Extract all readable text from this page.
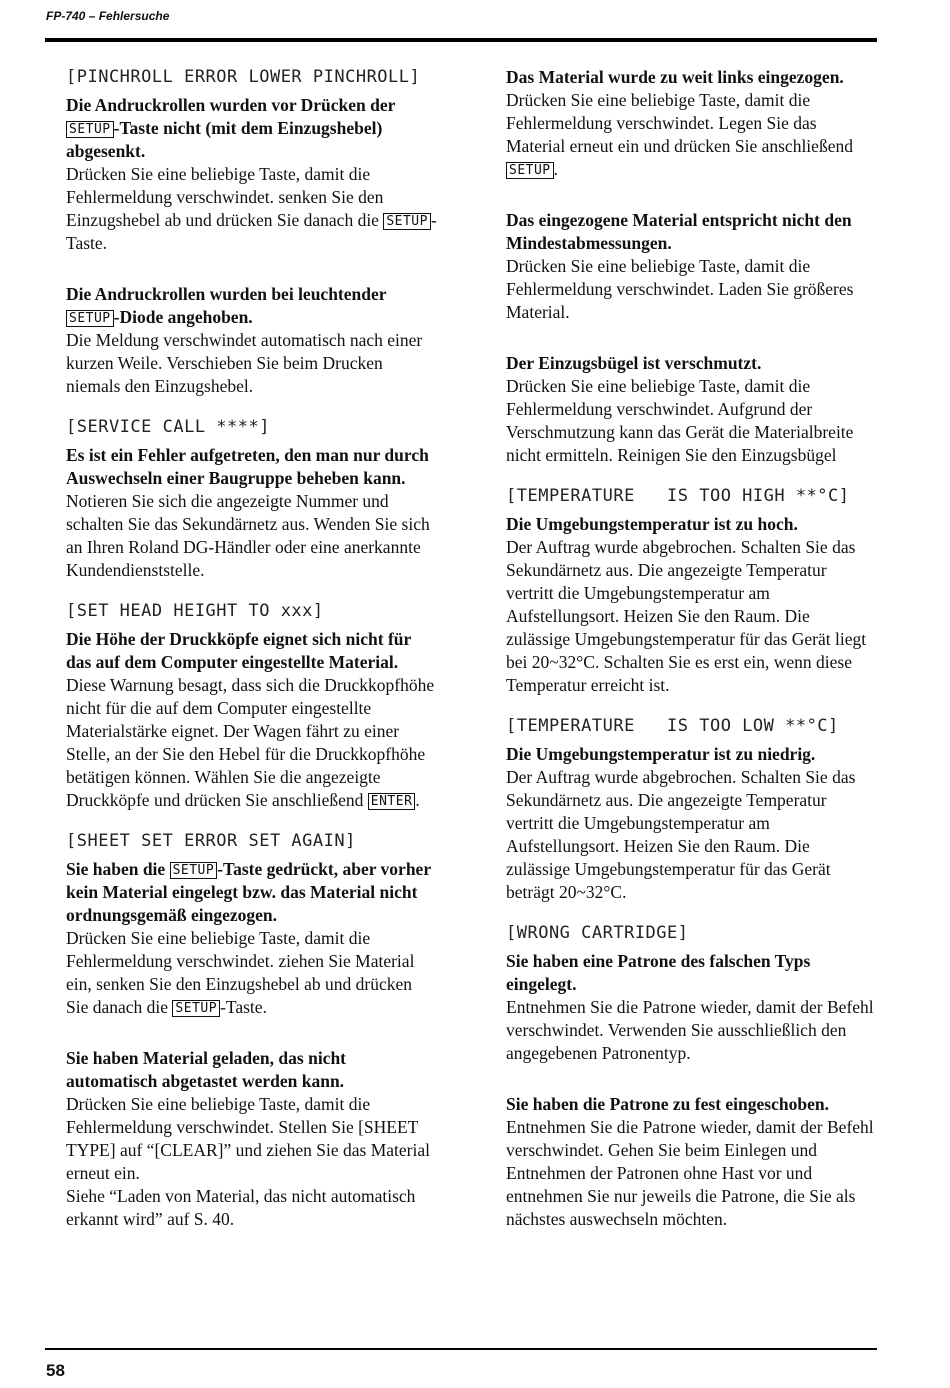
FP-740 – Fehlersuche

[PINCHROLL ERROR LOWER PINCHROLL]

Die Andruckrollen wurden vor Drücken der SETUP -Taste nicht (mit dem Einzugshebel) abgesenkt.

Drücken Sie eine beliebige Taste, damit die Fehlermeldung verschwindet. senken Sie den Einzugshebel ab und drücken Sie danach die SETUP -Taste.

Die Andruckrollen wurden bei leuchtender SETUP -Diode angehoben.

Die Meldung verschwindet automatisch nach einer kurzen Weile. Verschieben Sie beim Drucken niemals den Einzugshebel.

[SERVICE CALL ****]

Es ist ein Fehler aufgetreten, den man nur durch Auswechseln einer Baugruppe beheben kann.

Notieren Sie sich die angezeigte Nummer und schalten Sie das Sekundärnetz aus. Wenden Sie sich an Ihren Roland DG-Händler oder eine anerkannte Kundendienststelle.

[SET HEAD HEIGHT TO xxx]

Die Höhe der Druckköpfe eignet sich nicht für das auf dem Computer eingestellte Material.

Diese Warnung besagt, dass sich die Druckkopfhöhe nicht für die auf dem Computer eingestellte Materialstärke eignet. Der Wagen fährt zu einer Stelle, an der Sie den Hebel für die Druckkopfhöhe betätigen können. Wählen Sie die angezeigte Druckköpfe und drücken Sie anschließend ENTER .

[SHEET SET ERROR SET AGAIN]

Sie haben die SETUP -Taste gedrückt, aber vorher kein Material eingelegt bzw. das Material nicht ordnungsgemäß eingezogen.

Drücken Sie eine beliebige Taste, damit die Fehlermeldung verschwindet. ziehen Sie Material ein, senken Sie den Einzugshebel ab und drücken Sie danach die SETUP -Taste.

Sie haben Material geladen, das nicht automatisch abgetastet werden kann.

Drücken Sie eine beliebige Taste, damit die Fehlermeldung verschwindet. Stellen Sie [SHEET TYPE] auf “[CLEAR]” und ziehen Sie das Material erneut ein.

Siehe “Laden von Material, das nicht automatisch erkannt wird” auf S. 40.

Das Material wurde zu weit links eingezogen.

Drücken Sie eine beliebige Taste, damit die Fehlermeldung verschwindet. Legen Sie das Material erneut ein und drücken Sie anschließend SETUP .

Das eingezogene Material entspricht nicht den Mindestabmessungen.

Drücken Sie eine beliebige Taste, damit die Fehlermeldung verschwindet. Laden Sie größeres Material.

Der Einzugsbügel ist verschmutzt.

Drücken Sie eine beliebige Taste, damit die Fehlermeldung verschwindet. Aufgrund der Verschmutzung kann das Gerät die Materialbreite nicht ermitteln. Reinigen Sie den Einzugsbügel

[TEMPERATURE   IS TOO HIGH **°C]

Die Umgebungstemperatur ist zu hoch.

Der Auftrag wurde abgebrochen. Schalten Sie das Sekundärnetz aus. Die angezeigte Temperatur vertritt die Umgebungstemperatur am Aufstellungsort. Heizen Sie den Raum. Die zulässige Umgebungstemperatur für das Gerät liegt bei 20~32°C. Schalten Sie es erst ein, wenn diese Temperatur erreicht ist.

[TEMPERATURE   IS TOO LOW **°C]

Die Umgebungstemperatur ist zu niedrig.

Der Auftrag wurde abgebrochen. Schalten Sie das Sekundärnetz aus. Die angezeigte Temperatur vertritt die Umgebungstemperatur am Aufstellungsort. Heizen Sie den Raum. Die zulässige Umgebungstemperatur für das Gerät beträgt 20~32°C.

[WRONG CARTRIDGE]

Sie haben eine Patrone des falschen Typs eingelegt.

Entnehmen Sie die Patrone wieder, damit der Befehl verschwindet. Verwenden Sie ausschließlich den angegebenen Patronentyp.

Sie haben die Patrone zu fest eingeschoben.

Entnehmen Sie die Patrone wieder, damit der Befehl verschwindet. Gehen Sie beim Einlegen und Entnehmen der Patronen ohne Hast vor und entnehmen Sie nur jeweils die Patrone, die Sie als nächstes auswechseln möchten.

58
